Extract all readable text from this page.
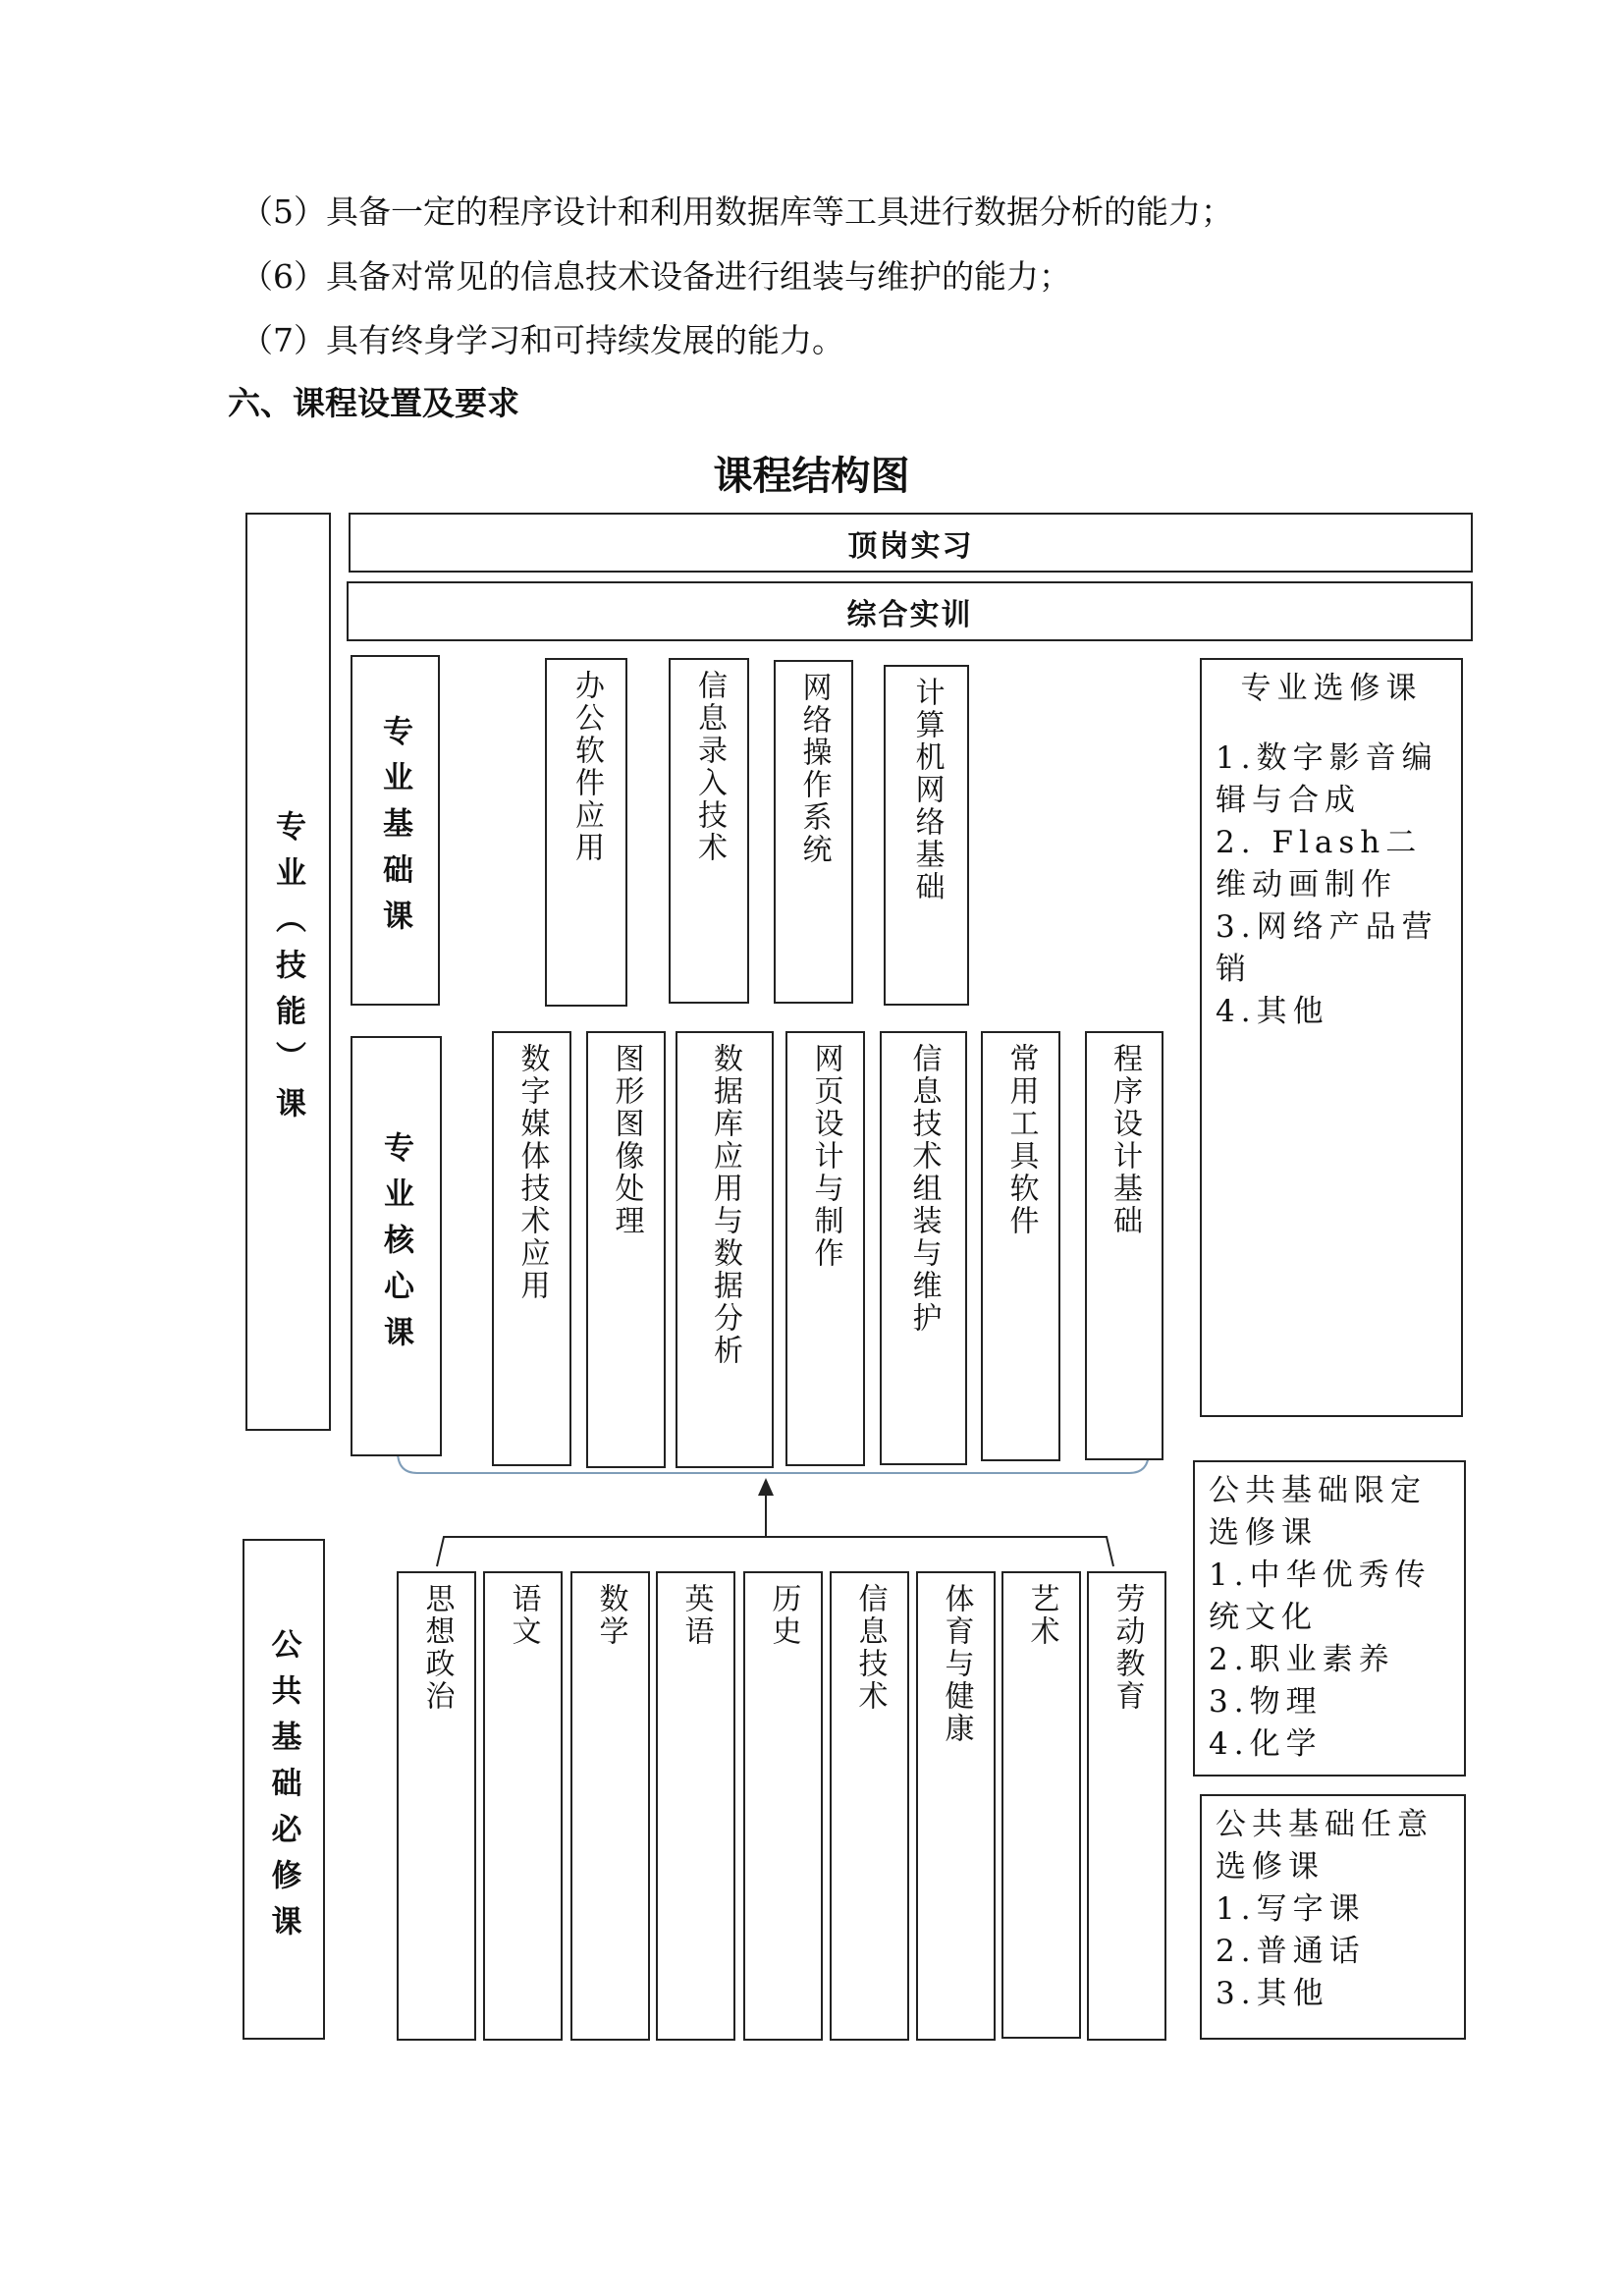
（5）具备一定的程序设计和利用数据库等工具进行数据分析的能力；
（6）具备对常见的信息技术设备进行组装与维护的能力；
（7）具有终身学习和可持续发展的能力。
六、课程设置及要求
课程结构图
专业（技能）课
公共基础必修课
顶岗实习
综合实训
专业基础课	办公软件应用	信息录入技术 网络操作系统	计算机网络基础
专业核心课	数字媒体技术应用 图形图像处理 数据库应用与数据分析 网页设计与制作 信息技术组装与维护 常用工具软件 程序设计基础
思想政治 语文 数学 英语 历史 信息技术 体育与健康 艺术 劳动教育
专业选修课
1.数字影音编辑与合成
2. Flash二维动画制作
3.网络产品营销
4.其他
公共基础限定选修课
1.中华优秀传统文化
2.职业素养
3.物理
4.化学
公共基础任意选修课
1.写字课
2.普通话
3.其他
